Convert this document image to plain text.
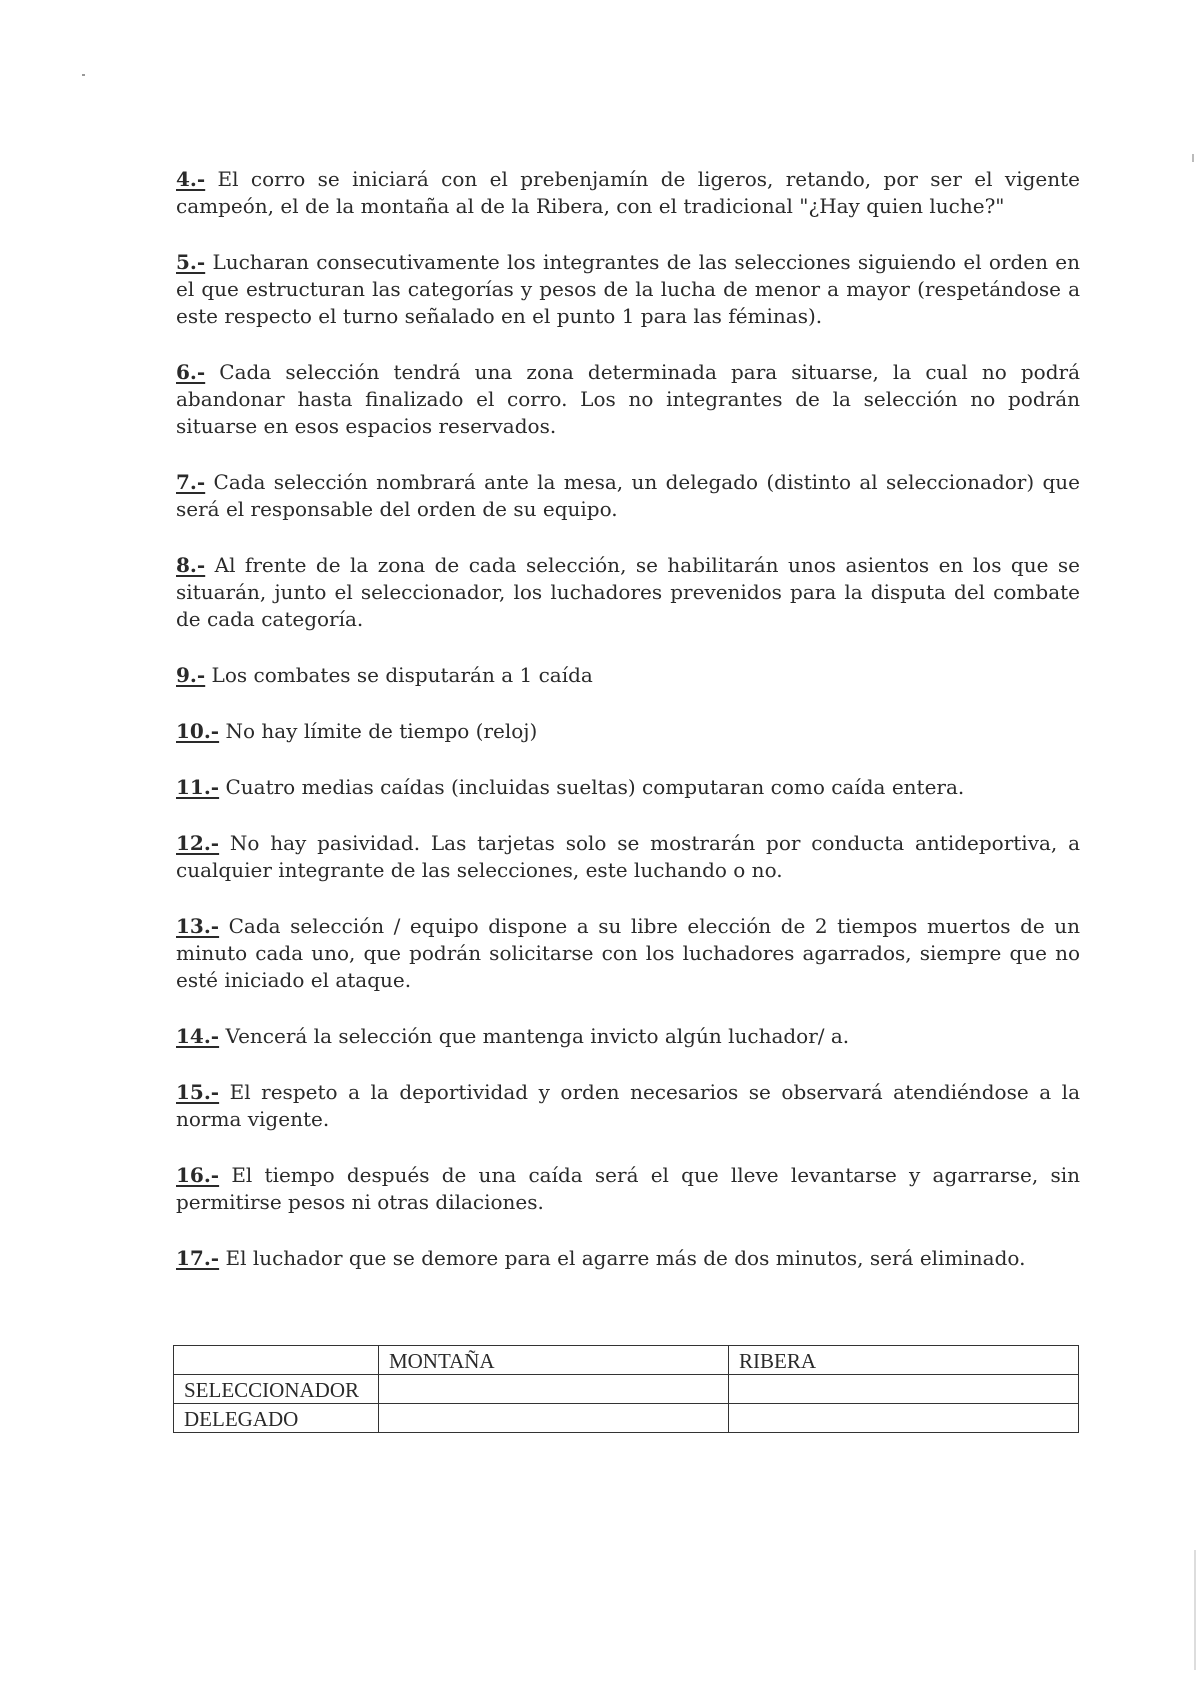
4.- El corro se iniciará con el prebenjamín de ligeros, retando, por ser el vigente campeón, el de la montaña al de la Ribera, con el tradicional "¿Hay quien luche?"

5.- Lucharan consecutivamente los integrantes de las selecciones siguiendo el orden en el que estructuran las categorías y pesos de la lucha de menor a mayor (respetándose a este respecto el turno señalado en el punto 1 para las féminas).

6.- Cada selección tendrá una zona determinada para situarse, la cual no podrá abandonar hasta finalizado el corro. Los no integrantes de la selección no podrán situarse en esos espacios reservados.

7.- Cada selección nombrará ante la mesa, un delegado (distinto al seleccionador) que será el responsable del orden de su equipo.

8.- Al frente de la zona de cada selección, se habilitarán unos asientos en los que se situarán, junto el seleccionador, los luchadores prevenidos para la disputa del combate de cada categoría.

9.- Los combates se disputarán a 1 caída

10.- No hay límite de tiempo (reloj)

11.- Cuatro medias caídas (incluidas sueltas) computaran como caída entera.

12.- No hay pasividad. Las tarjetas solo se mostrarán por conducta antideportiva, a cualquier integrante de las selecciones, este luchando o no.

13.- Cada selección / equipo dispone a su libre elección de 2 tiempos muertos de un minuto cada uno, que podrán solicitarse con los luchadores agarrados, siempre que no esté iniciado el ataque.

14.- Vencerá la selección que mantenga invicto algún luchador/ a.

15.- El respeto a la deportividad y orden necesarios se observará atendiéndose a la norma vigente.

16.- El tiempo después de una caída será el que lleve levantarse y agarrarse, sin permitirse pesos ni otras dilaciones.

17.- El luchador que se demore para el agarre más de dos minutos, será eliminado.

	MONTAÑA	RIBERA
SELECCIONADOR		
DELEGADO		
